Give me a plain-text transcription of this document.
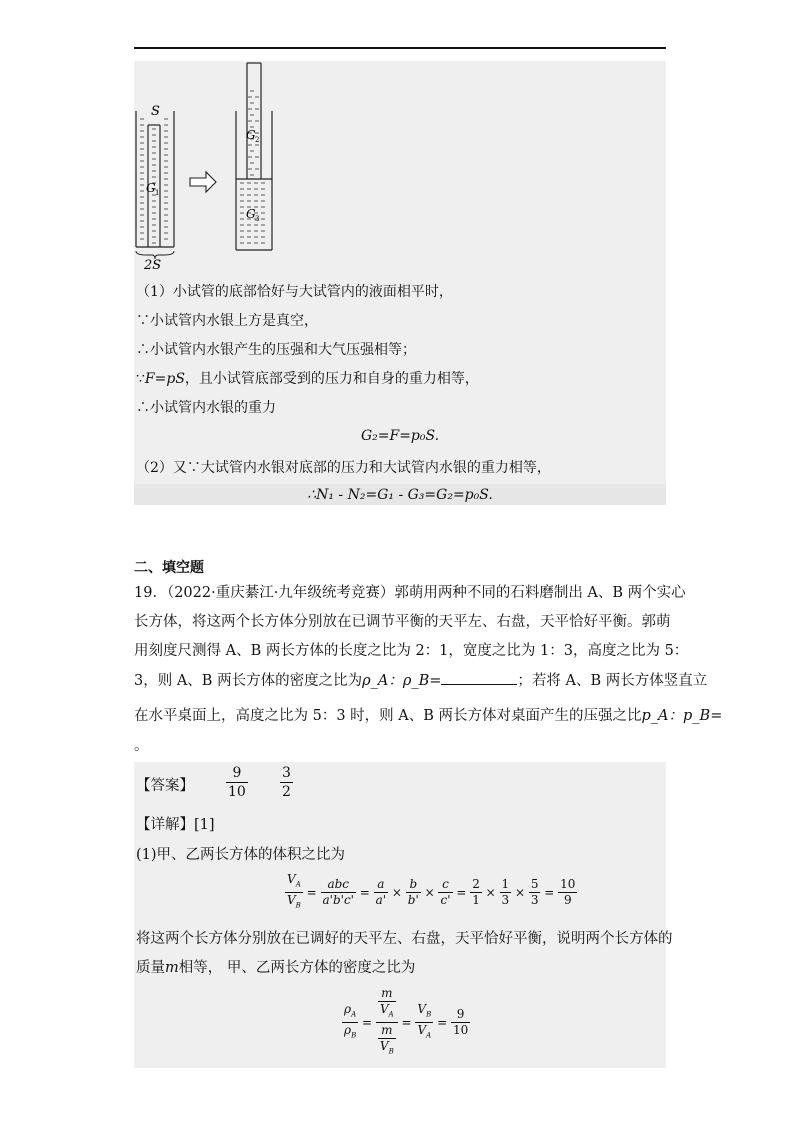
S
G 1
2S
G 2
G 3
（1）小试管的底部恰好与大试管内的液面相平时，
∵小试管内水银上方是真空，
∴小试管内水银产生的压强和大气压强相等；
∵F=pS，且小试管底部受到的压力和自身的重力相等，
∴小试管内水银的重力
G₂=F=p₀S.
（2）又∵大试管内水银对底部的压力和大试管内水银的重力相等，
∴N₁ - N₂=G₁ - G₃=G₂=p₀S.
二、填空题
19．（2022·重庆綦江·九年级统考竞赛）郭萌用两种不同的石料磨制出 A、B 两个实心
长方体，将这两个长方体分别放在已调节平衡的天平左、右盘，天平恰好平衡。郭萌
用刻度尺测得 A、B 两长方体的长度之比为 2：1，宽度之比为 1：3，高度之比为 5：
3，则 A、B 两长方体的密度之比为ρ_A：ρ_B=	；若将 A、B 两长方体竖直立
在水平桌面上，高度之比为 5：3 时，则 A、B 两长方体对桌面产生的压强之比p_A：p_B=
。
【答案】 $\frac{9}{10} \frac{3}{2}$
【详解】[1]
(1)甲、乙两长方体的体积之比为
$\frac{V_A}{V_B} = \frac{\text{abc}}{a'b'c'} = \frac{a}{a'} \times \frac{b}{b'} \times \frac{c}{c'} = \frac{2}{1} \times \frac{1}{3} \times \frac{5}{3} = \frac{10}{9}$
将这两个长方体分别放在已调好的天平左、右盘，天平恰好平衡，说明两个长方体的
质量m相等， 甲、乙两长方体的密度之比为
$\frac{\rho_A}{\rho_B} = \frac{\frac{m}{V_A}}{\frac{m}{V_B}} = \frac{V_B}{V_A} = \frac{9}{10}$
